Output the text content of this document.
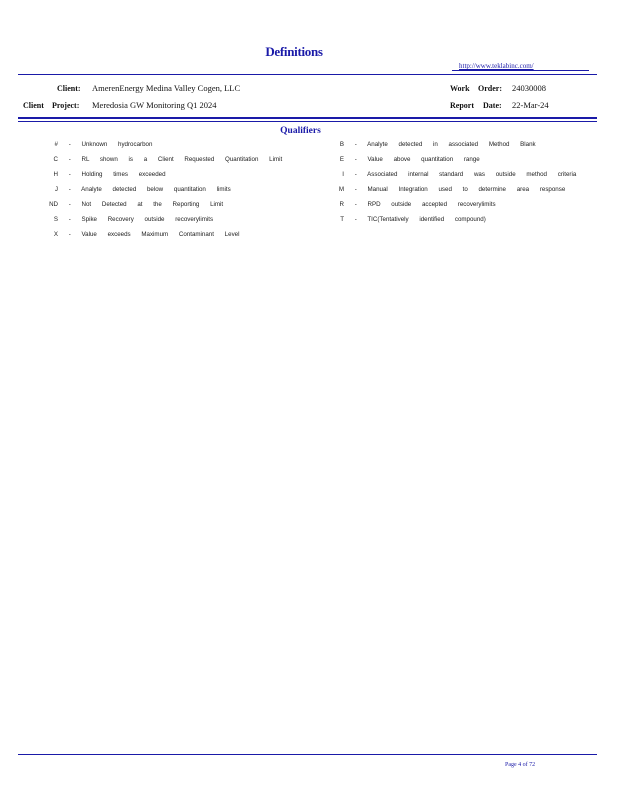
Definitions
http://www.teklabinc.com/
Client: AmerenEnergy Medina Valley Cogen, LLC	Work Order: 24030008
Client Project: Meredosia GW Monitoring Q1 2024	Report Date: 22-Mar-24
Qualifiers
# - Unknown hydrocarbon
C - RL shown is a Client Requested Quantitation Limit
H - Holding times exceeded
J - Analyte detected below quantitation limits
ND - Not Detected at the Reporting Limit
S - Spike Recovery outside recoverylimits
X - Value exceeds Maximum Contaminant Level
B - Analyte detected in associated Method Blank
E - Value above quantitation range
I - Associated internal standard was outside method criteria
M - Manual Integration used to determine area response
R - RPD outside accepted recoverylimits
T - TIC(Tentatively identified compound)
Page 4 of 72
